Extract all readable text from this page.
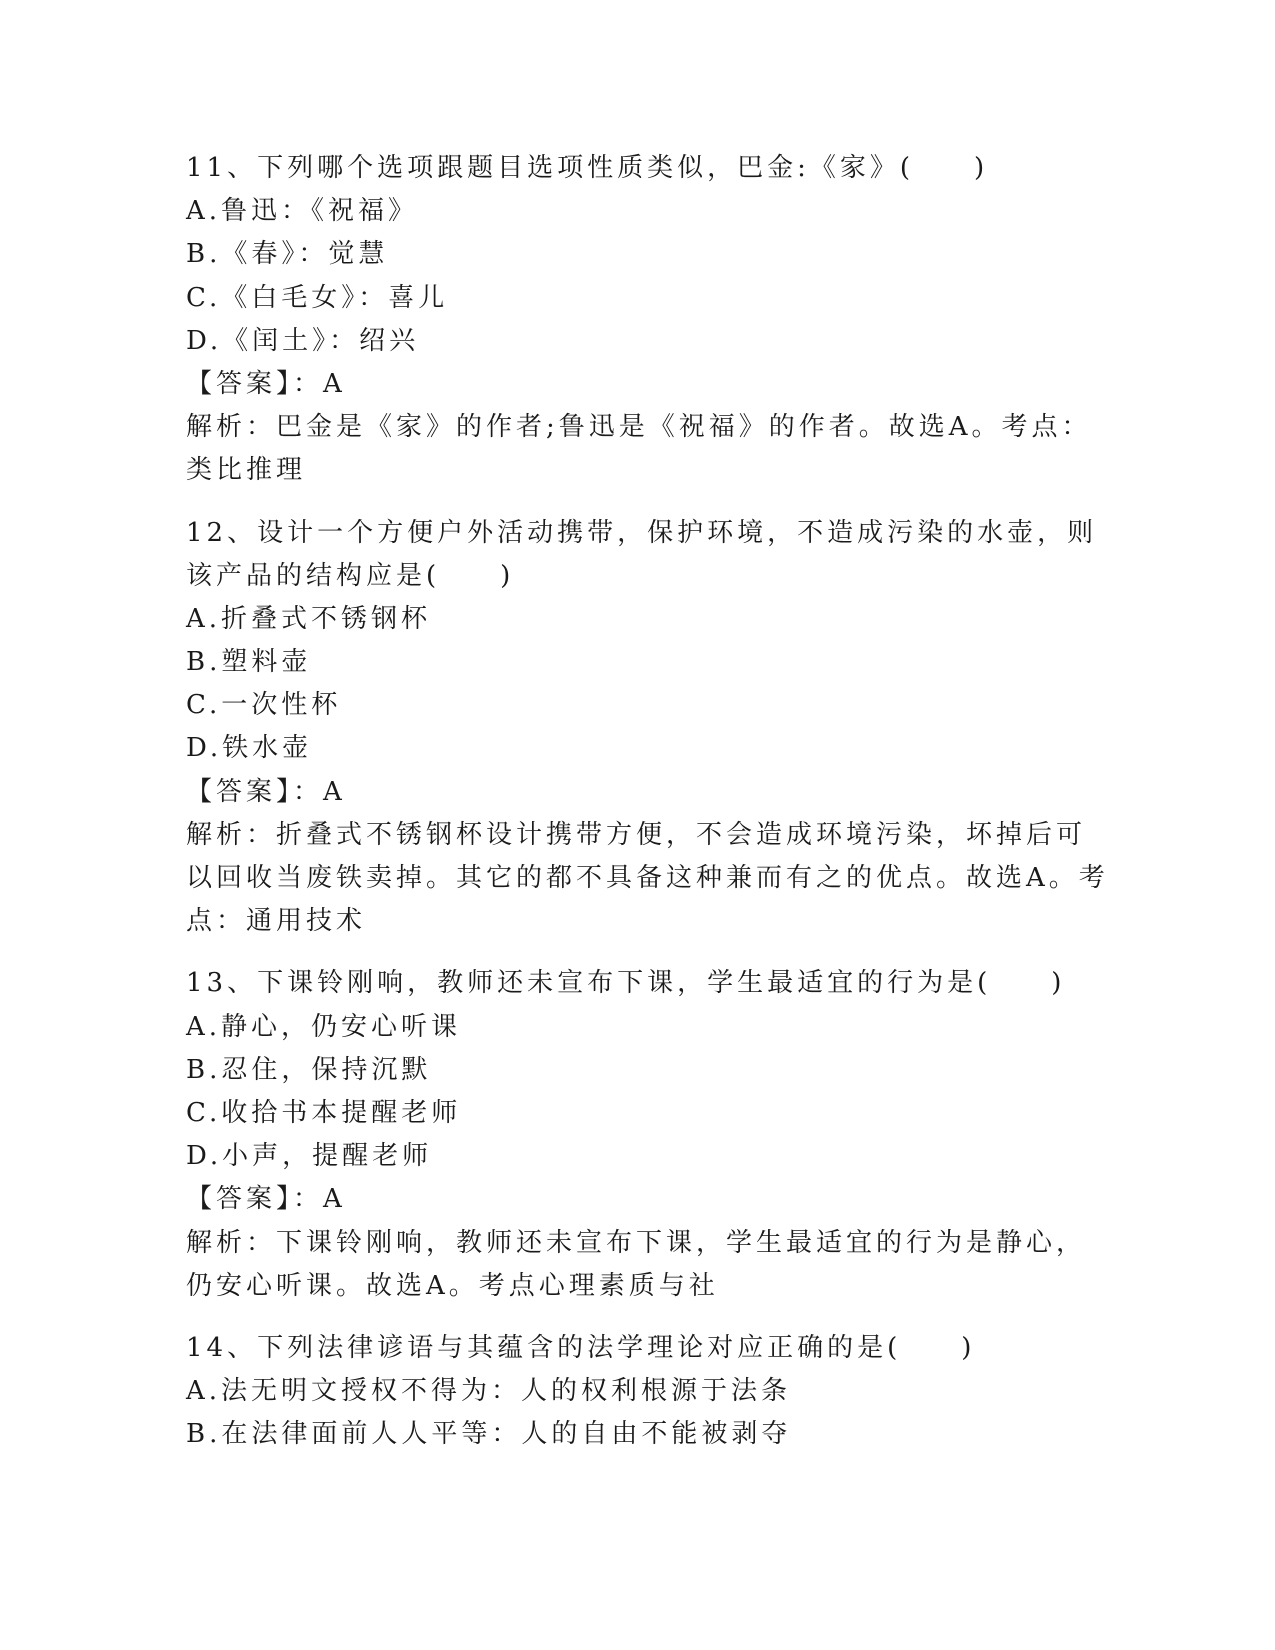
11、下列哪个选项跟题目选项性质类似，巴金:《家》(　　)
A.鲁迅：《祝福》
B.《春》：觉慧
C.《白毛女》：喜儿
D.《闰土》：绍兴
【答案】：A
解析：巴金是《家》的作者;鲁迅是《祝福》的作者。故选A。考点：
类比推理
12、设计一个方便户外活动携带，保护环境，不造成污染的水壶，则
该产品的结构应是(　　)
A.折叠式不锈钢杯
B.塑料壶
C.一次性杯
D.铁水壶
【答案】：A
解析：折叠式不锈钢杯设计携带方便，不会造成环境污染，坏掉后可
以回收当废铁卖掉。其它的都不具备这种兼而有之的优点。故选A。考
点：通用技术
13、下课铃刚响，教师还未宣布下课，学生最适宜的行为是(　　)
A.静心，仍安心听课
B.忍住，保持沉默
C.收拾书本提醒老师
D.小声，提醒老师
【答案】：A
解析：下课铃刚响，教师还未宣布下课，学生最适宜的行为是静心，
仍安心听课。故选A。考点心理素质与社
14、下列法律谚语与其蕴含的法学理论对应正确的是(　　)
A.法无明文授权不得为：人的权利根源于法条
B.在法律面前人人平等：人的自由不能被剥夺
